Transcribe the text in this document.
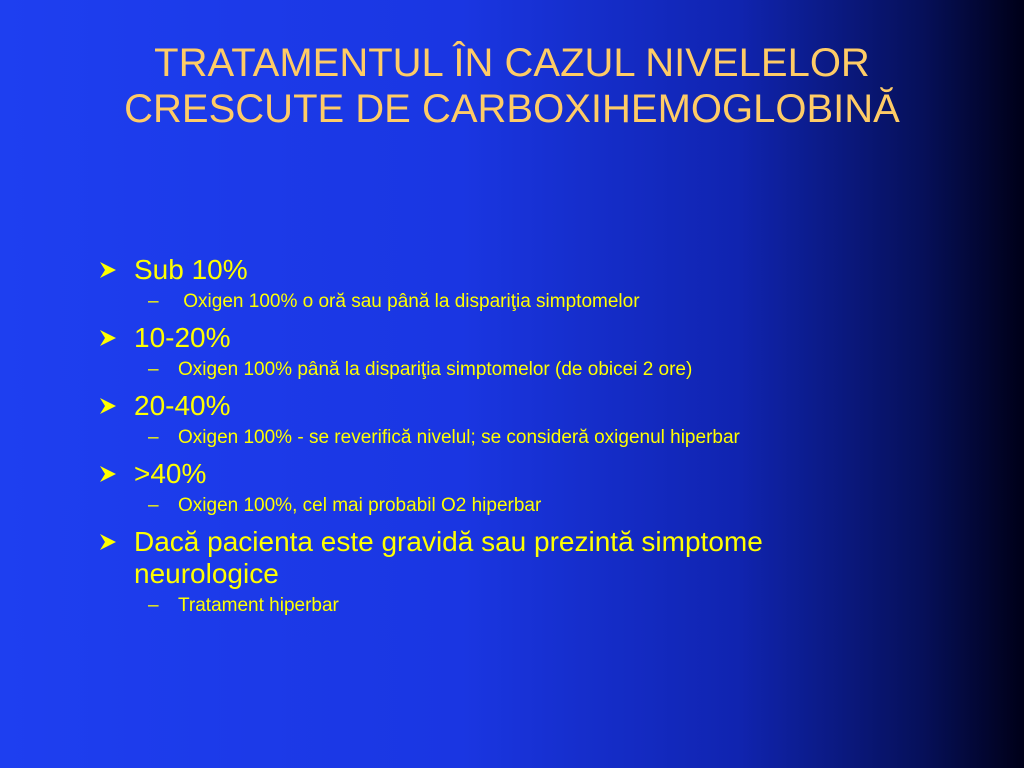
TRATAMENTUL ÎN CAZUL NIVELELOR
CRESCUTE DE CARBOXIHEMOGLOBINĂ
Sub 10%
–	Oxigen 100% o oră sau până la dispariţia simptomelor
10-20%
–	Oxigen 100% până la dispariţia simptomelor (de obicei 2 ore)
20-40%
–	Oxigen 100% - se reverifică nivelul; se consideră oxigenul hiperbar
>40%
–	Oxigen 100%, cel mai probabil O2 hiperbar
Dacă pacienta este gravidă sau prezintă simptome neurologice
–	Tratament hiperbar
